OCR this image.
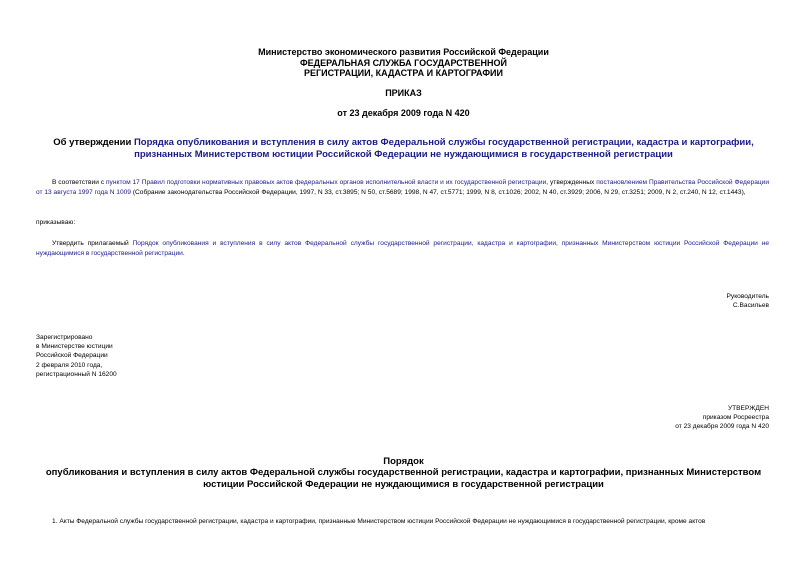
Министерство экономического развития Российской Федерации
ФЕДЕРАЛЬНАЯ СЛУЖБА ГОСУДАРСТВЕННОЙ
РЕГИСТРАЦИИ, КАДАСТРА И КАРТОГРАФИИ
ПРИКАЗ
от 23 декабря 2009 года N 420
Об утверждении Порядка опубликования и вступления в силу актов Федеральной службы государственной регистрации, кадастра и картографии, признанных Министерством юстиции Российской Федерации не нуждающимися в государственной регистрации
В соответствии с пунктом 17 Правил подготовки нормативных правовых актов федеральных органов исполнительной власти и их государственной регистрации, утвержденных постановлением Правительства Российской Федерации от 13 августа 1997 года N 1009 (Собрание законодательства Российской Федерации, 1997, N 33, ст.3895; N 50, ст.5689; 1998, N 47, ст.5771; 1999, N 8, ст.1026; 2002, N 40, ст.3929; 2006, N 29, ст.3251; 2009, N 2, ст.240, N 12, ст.1443),
приказываю:
Утвердить прилагаемый Порядок опубликования и вступления в силу актов Федеральной службы государственной регистрации, кадастра и картографии, признанных Министерством юстиции Российской Федерации не нуждающимися в государственной регистрации.
Руководитель
С.Васильев
Зарегистрировано
в Министерстве юстиции
Российской Федерации
2 февраля 2010 года,
регистрационный N 16200
УТВЕРЖДЕН
приказом Росреестра
от 23 декабря 2009 года N 420
Порядок
опубликования и вступления в силу актов Федеральной службы государственной регистрации, кадастра и картографии, признанных Министерством юстиции Российской Федерации не нуждающимися в государственной регистрации
1. Акты Федеральной службы государственной регистрации, кадастра и картографии, признанные Министерством юстиции Российской Федерации не нуждающимися в государственной регистрации, кроме актов
